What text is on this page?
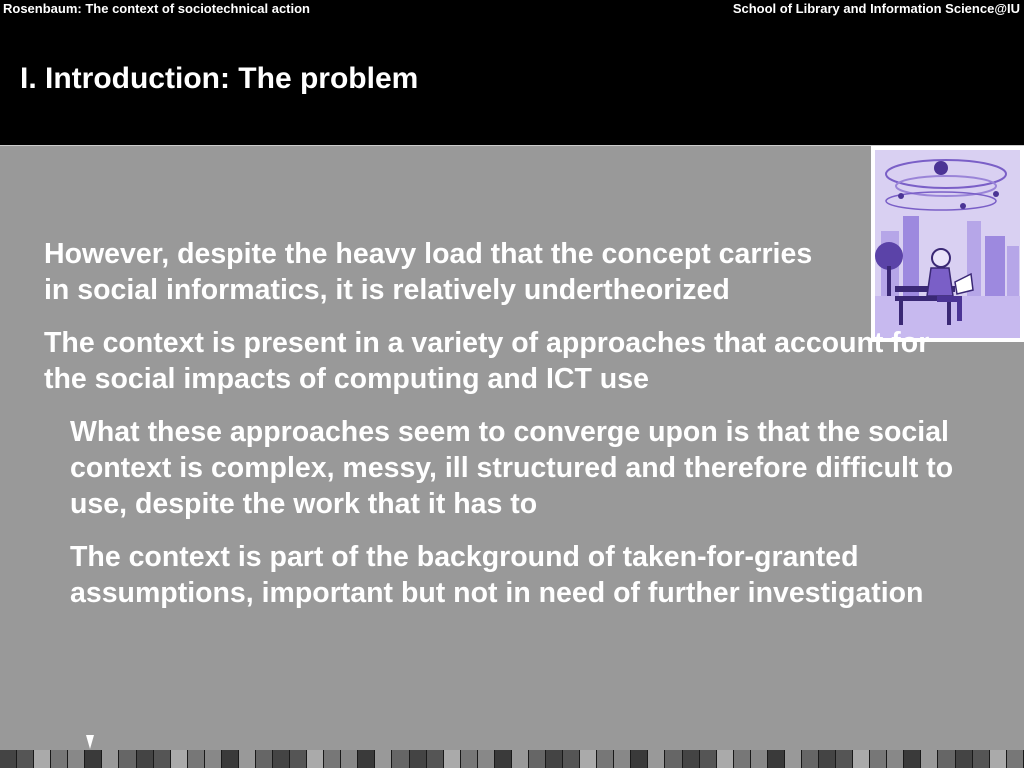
Rosenbaum: The context of sociotechnical action	School of Library and Information Science@IU
I. Introduction: The problem

However, despite the heavy load that the concept carries in social informatics, it is relatively undertheorized

The context is present in a variety of approaches that account for the social impacts of computing and ICT use

What these approaches seem to converge upon is that the social context is complex, messy, ill structured and therefore difficult to use, despite the work that it has to

The context is part of the background of taken-for-granted assumptions, important but not in need of further investigation
